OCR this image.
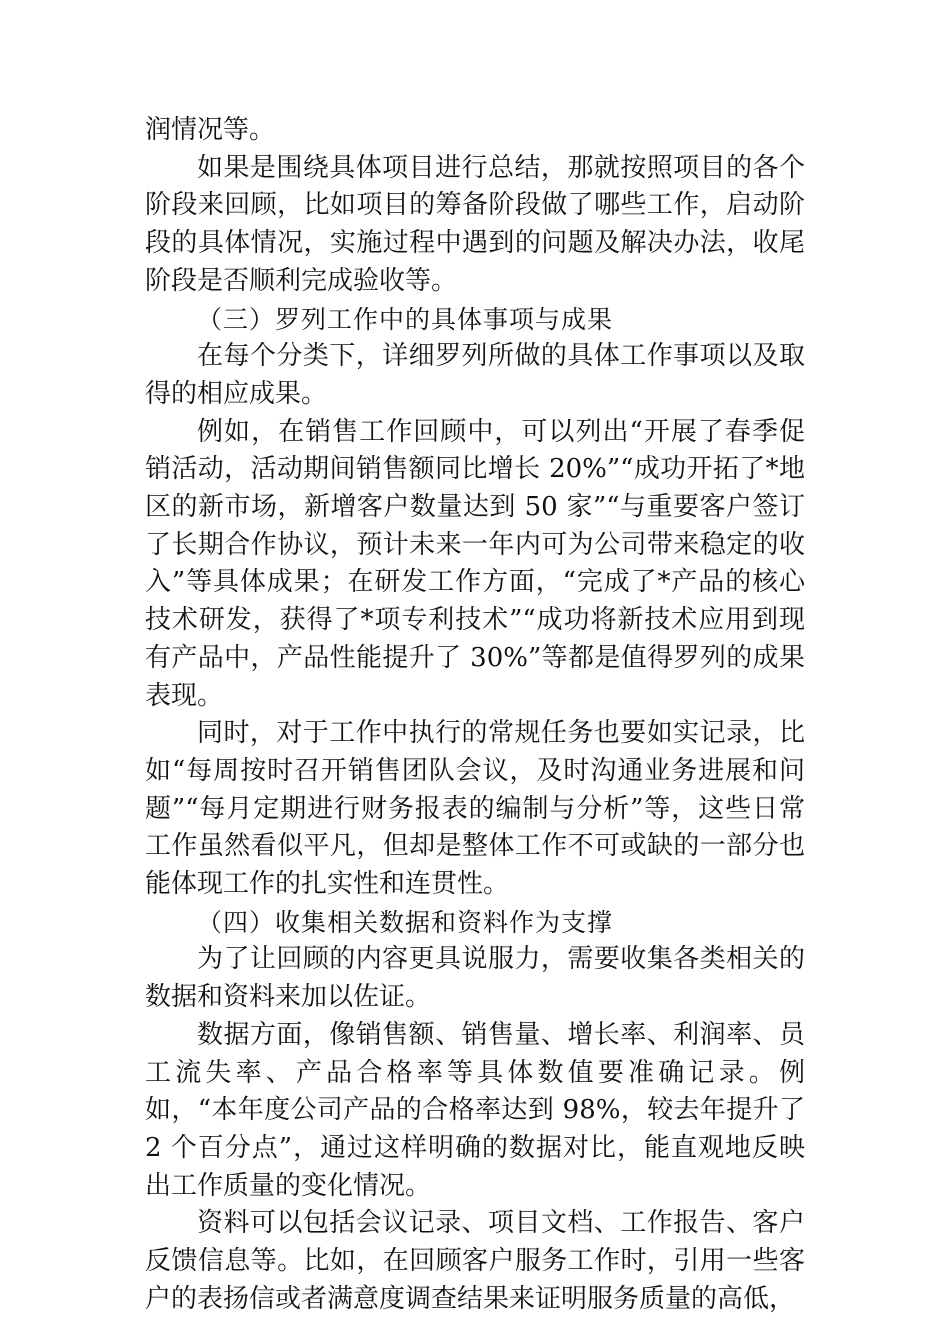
润情况等。

如果是围绕具体项目进行总结，那就按照项目的各个阶段来回顾，比如项目的筹备阶段做了哪些工作，启动阶段的具体情况，实施过程中遇到的问题及解决办法，收尾阶段是否顺利完成验收等。

（三）罗列工作中的具体事项与成果

在每个分类下，详细罗列所做的具体工作事项以及取得的相应成果。

例如，在销售工作回顾中，可以列出“开展了春季促销活动，活动期间销售额同比增长 20%”“成功开拓了*地区的新市场，新增客户数量达到 50 家”“与重要客户签订了长期合作协议，预计未来一年内可为公司带来稳定的收入”等具体成果；在研发工作方面，“完成了*产品的核心技术研发，获得了*项专利技术”“成功将新技术应用到现有产品中，产品性能提升了 30%”等都是值得罗列的成果表现。

同时，对于工作中执行的常规任务也要如实记录，比如“每周按时召开销售团队会议，及时沟通业务进展和问题”“每月定期进行财务报表的编制与分析”等，这些日常工作虽然看似平凡，但却是整体工作不可或缺的一部分也能体现工作的扎实性和连贯性。

（四）收集相关数据和资料作为支撑

为了让回顾的内容更具说服力，需要收集各类相关的数据和资料来加以佐证。

数据方面，像销售额、销售量、增长率、利润率、员工流失率、产品合格率等具体数值要准确记录。例如，“本年度公司产品的合格率达到 98%，较去年提升了 2 个百分点”，通过这样明确的数据对比，能直观地反映出工作质量的变化情况。

资料可以包括会议记录、项目文档、工作报告、客户反馈信息等。比如，在回顾客户服务工作时，引用一些客户的表扬信或者满意度调查结果来证明服务质量的高低，
